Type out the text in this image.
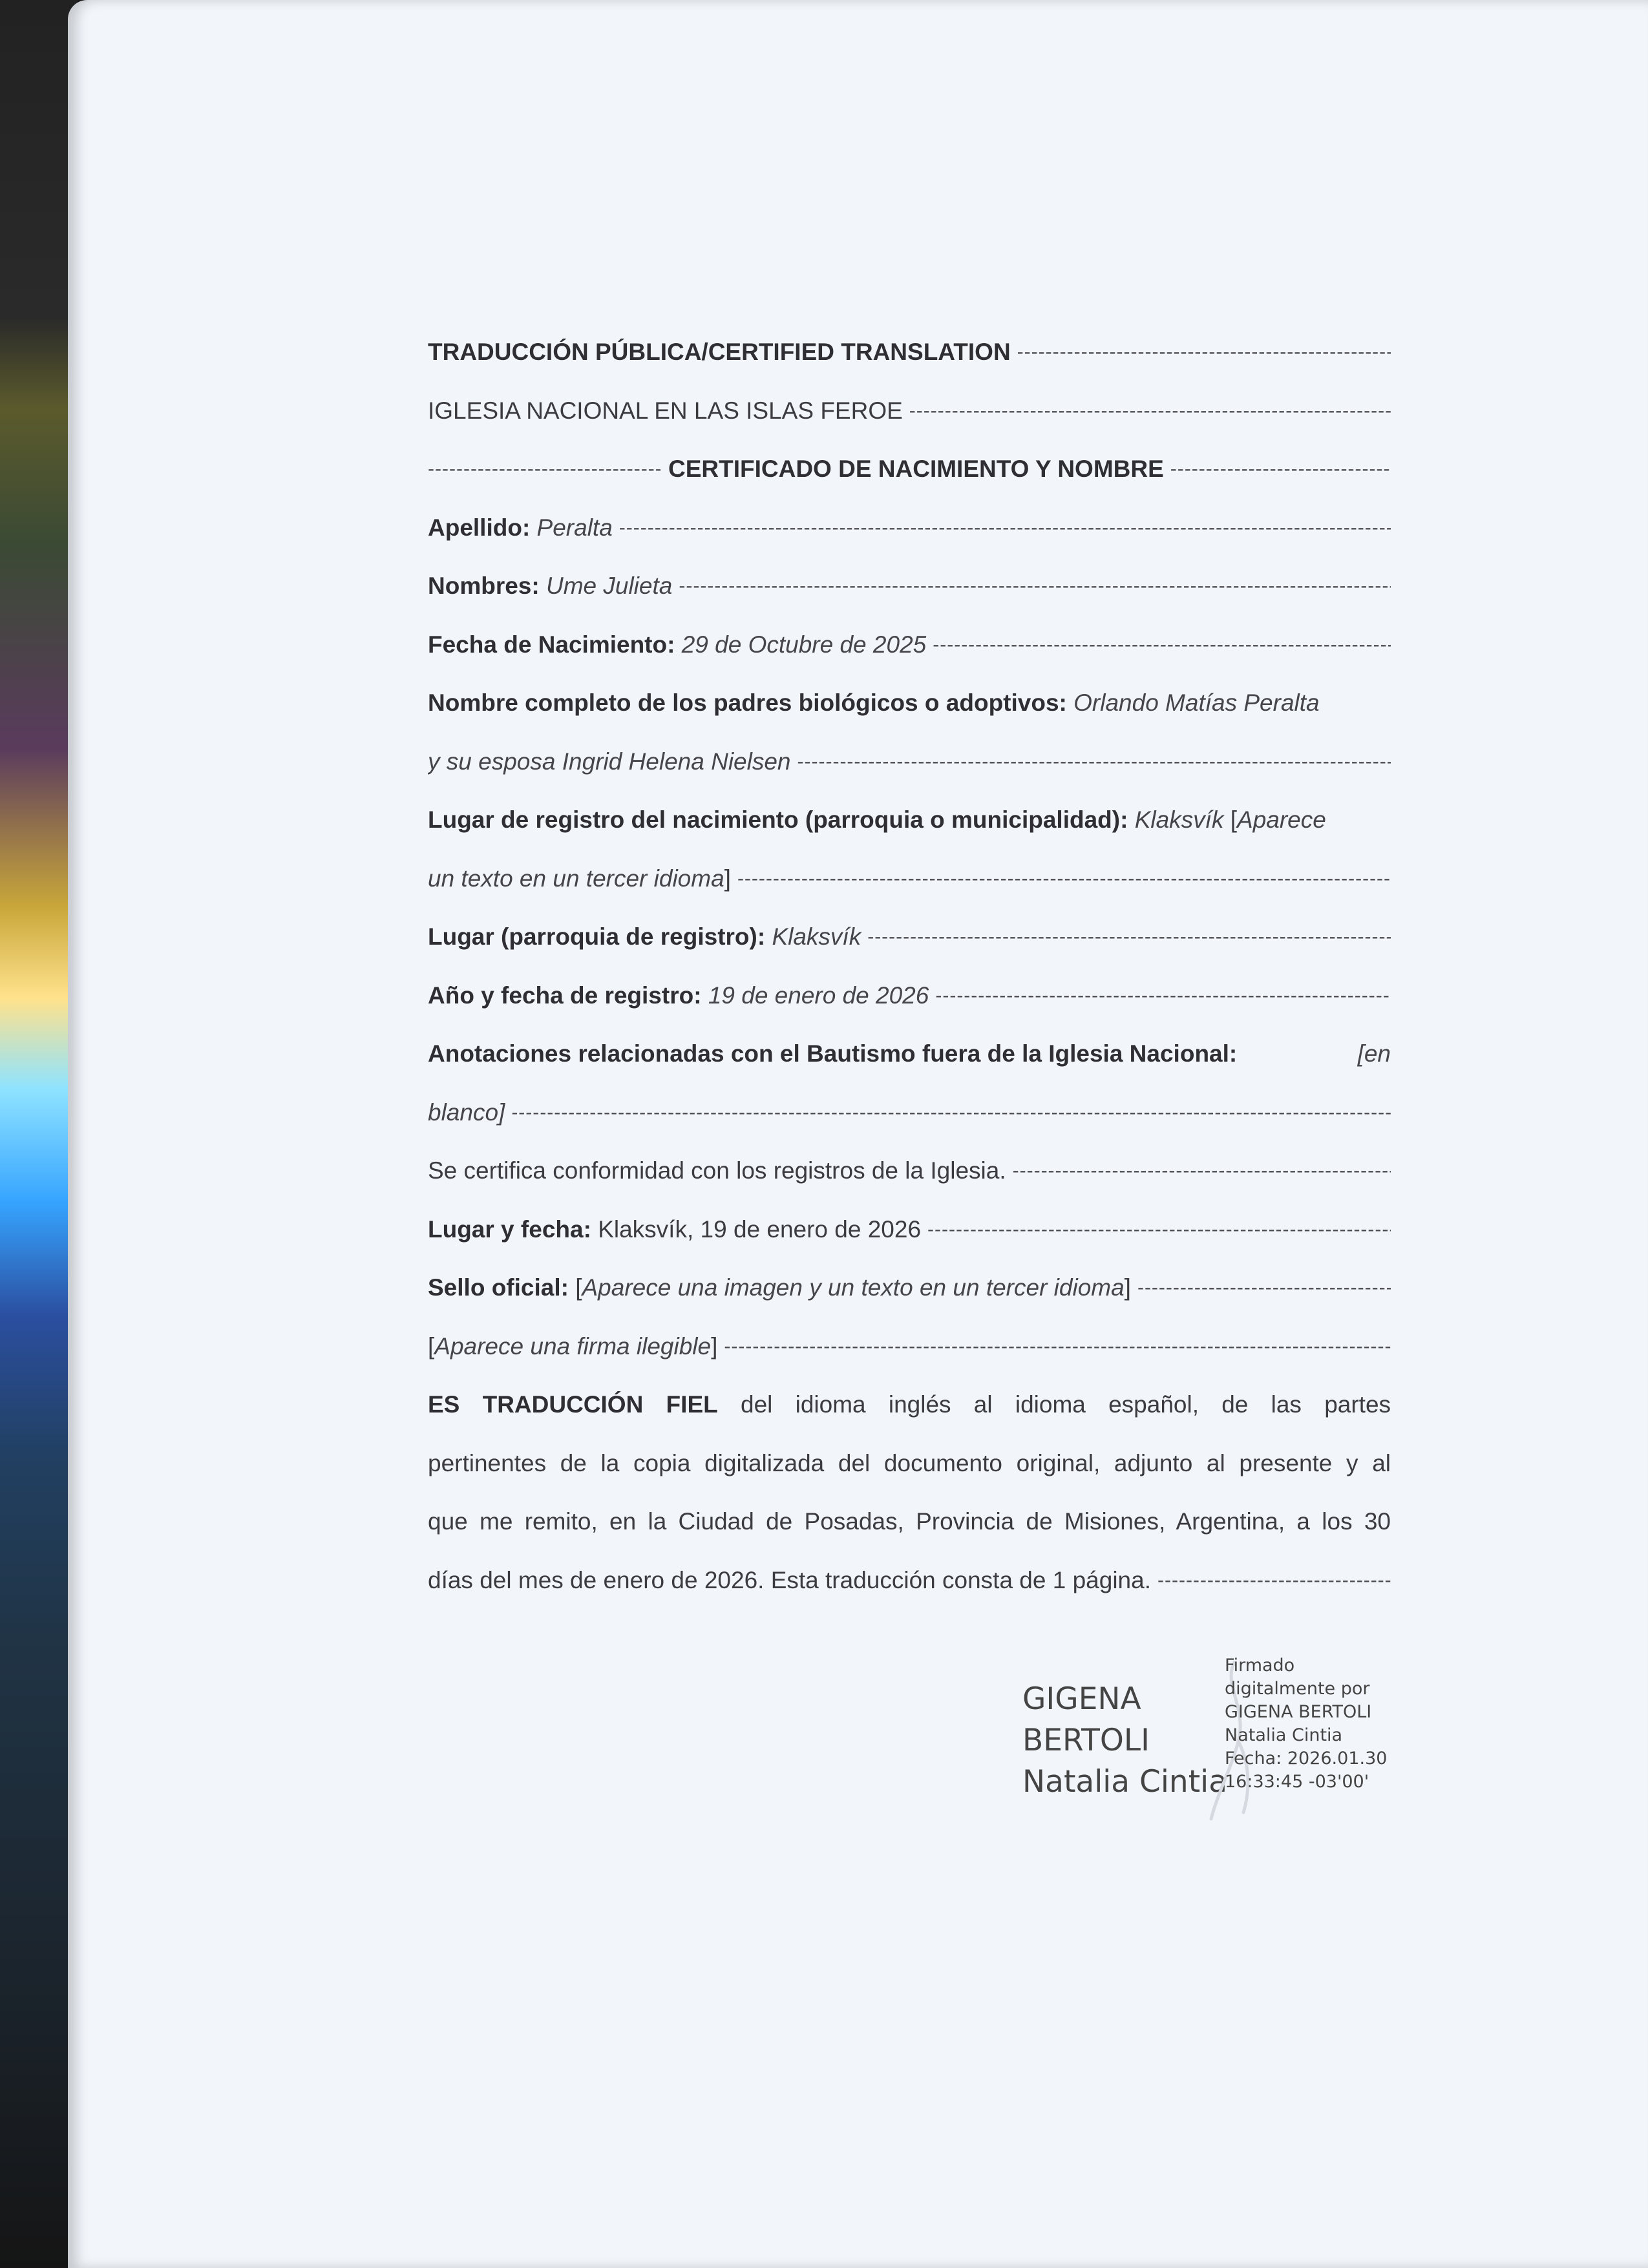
TRADUCCIÓN PÚBLICA/CERTIFIED TRANSLATION
-----
IGLESIA NACIONAL EN LAS ISLAS FEROE
-----
-----
CERTIFICADO DE NACIMIENTO Y NOMBRE
-----
Apellido:
Peralta
-----
Nombres:
Ume Julieta
-----
Fecha de Nacimiento:
29 de Octubre de 2025
-----
Nombre completo de los padres biológicos o adoptivos:
Orlando Matías Peralta
y su esposa Ingrid Helena Nielsen
-----
Lugar de registro del nacimiento (parroquia o municipalidad):
Klaksvík
[ Aparece
un texto en un tercer idioma ]
-----
Lugar (parroquia de registro):
Klaksvík
-----
Año y fecha de registro:
19 de enero de 2026
-----
Anotaciones relacionadas con el Bautismo fuera de la Iglesia Nacional:	[en
blanco]
-----
Se certifica conformidad con los registros de la Iglesia.
-----
Lugar y fecha:
Klaksvík, 19 de enero de 2026
-----
Sello oficial:
[ Aparece una imagen y un texto en un tercer idioma ]
-----
[ Aparece una firma ilegible ]
-----
ES TRADUCCIÓN FIEL del idioma inglés al idioma español, de las partes
pertinentes de la copia digitalizada del documento original, adjunto al presente y al
que me remito, en la Ciudad de Posadas, Provincia de Misiones, Argentina, a los 30
días del mes de enero de 2026. Esta traducción consta de 1 página.
-----
GIGENA
BERTOLI
Natalia Cintia
Firmado
digitalmente por
GIGENA BERTOLI
Natalia Cintia
Fecha: 2026.01.30
16:33:45 -03'00'
